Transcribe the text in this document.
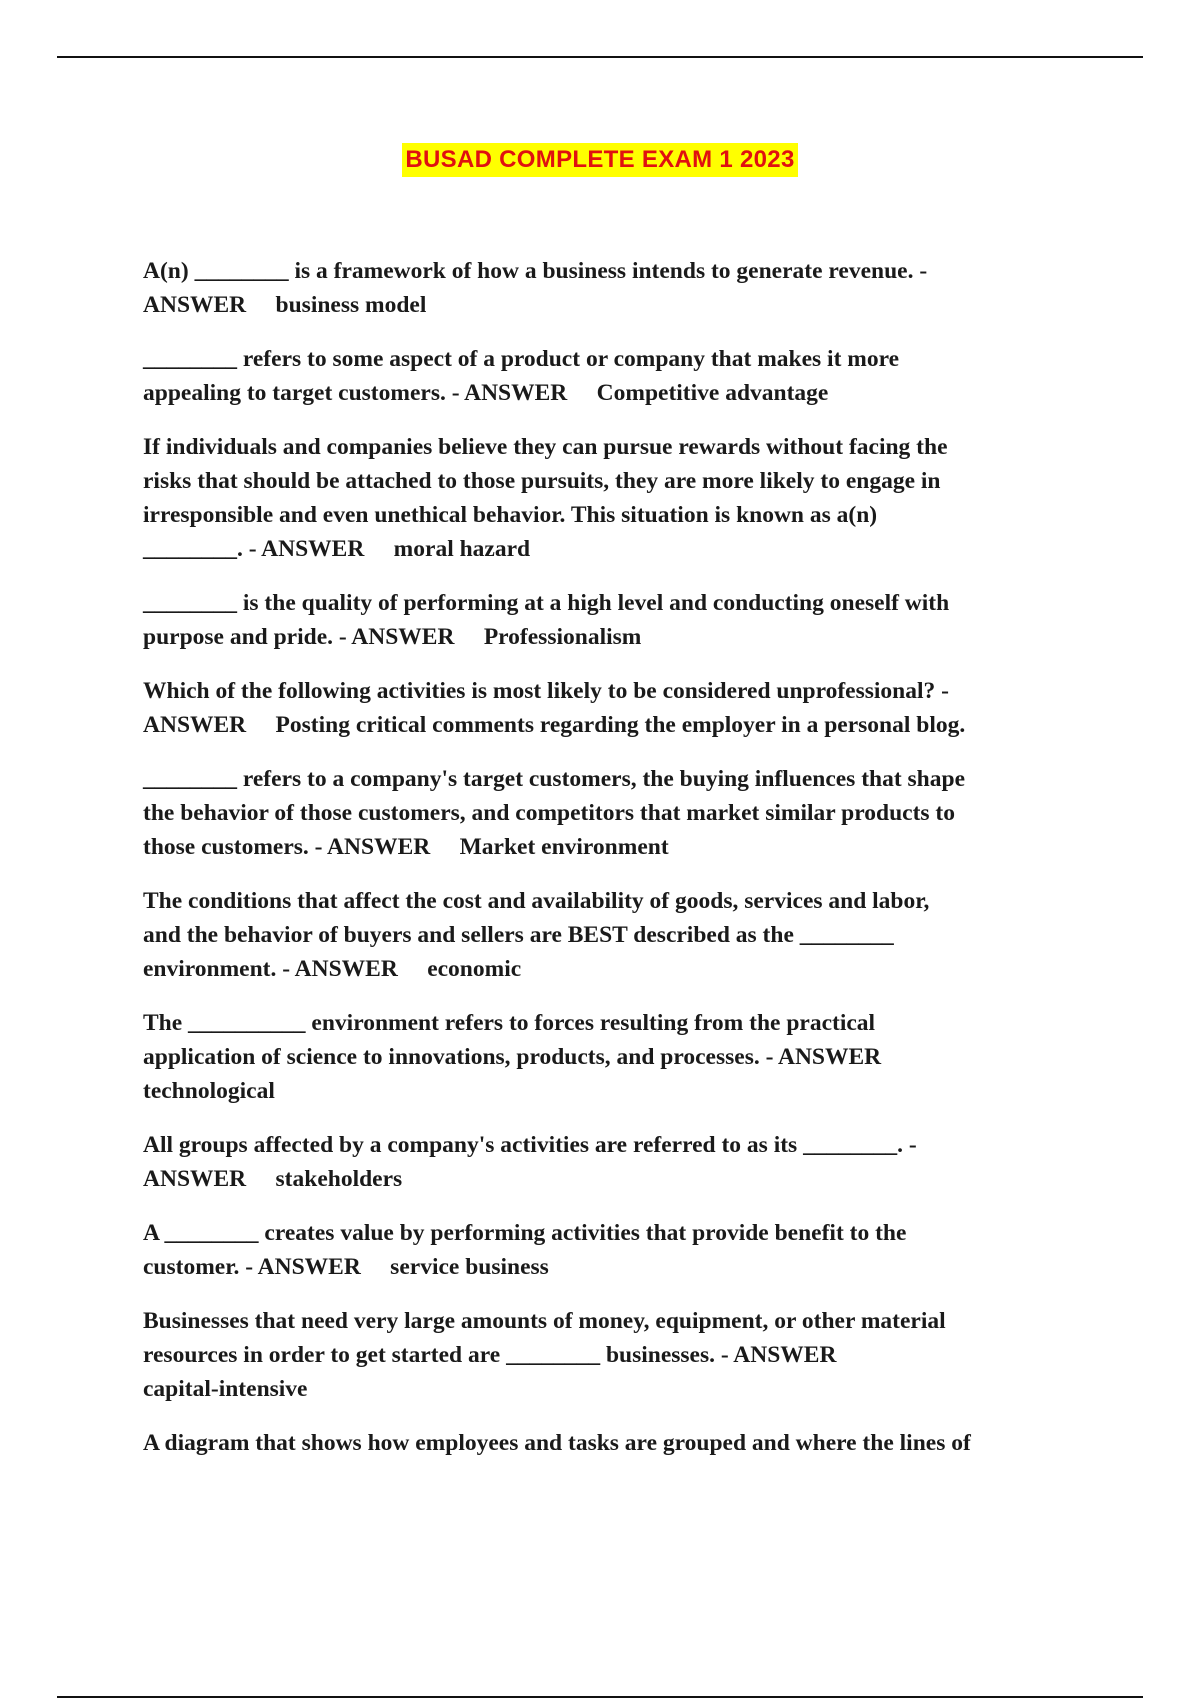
BUSAD COMPLETE EXAM 1 2023
A(n) ________ is a framework of how a business intends to generate revenue. -
ANSWER     business model
________ refers to some aspect of a product or company that makes it more
appealing to target customers. - ANSWER     Competitive advantage
If individuals and companies believe they can pursue rewards without facing the
risks that should be attached to those pursuits, they are more likely to engage in
irresponsible and even unethical behavior. This situation is known as a(n)
________. - ANSWER     moral hazard
________ is the quality of performing at a high level and conducting oneself with
purpose and pride. - ANSWER     Professionalism
Which of the following activities is most likely to be considered unprofessional? -
ANSWER     Posting critical comments regarding the employer in a personal blog.
________ refers to a company's target customers, the buying influences that shape
the behavior of those customers, and competitors that market similar products to
those customers. - ANSWER     Market environment
The conditions that affect the cost and availability of goods, services and labor,
and the behavior of buyers and sellers are BEST described as the ________
environment. - ANSWER     economic
The __________ environment refers to forces resulting from the practical
application of science to innovations, products, and processes. - ANSWER
technological
All groups affected by a company's activities are referred to as its ________. -
ANSWER     stakeholders
A ________ creates value by performing activities that provide benefit to the
customer. - ANSWER     service business
Businesses that need very large amounts of money, equipment, or other material
resources in order to get started are ________ businesses. - ANSWER
capital-intensive
A diagram that shows how employees and tasks are grouped and where the lines of
